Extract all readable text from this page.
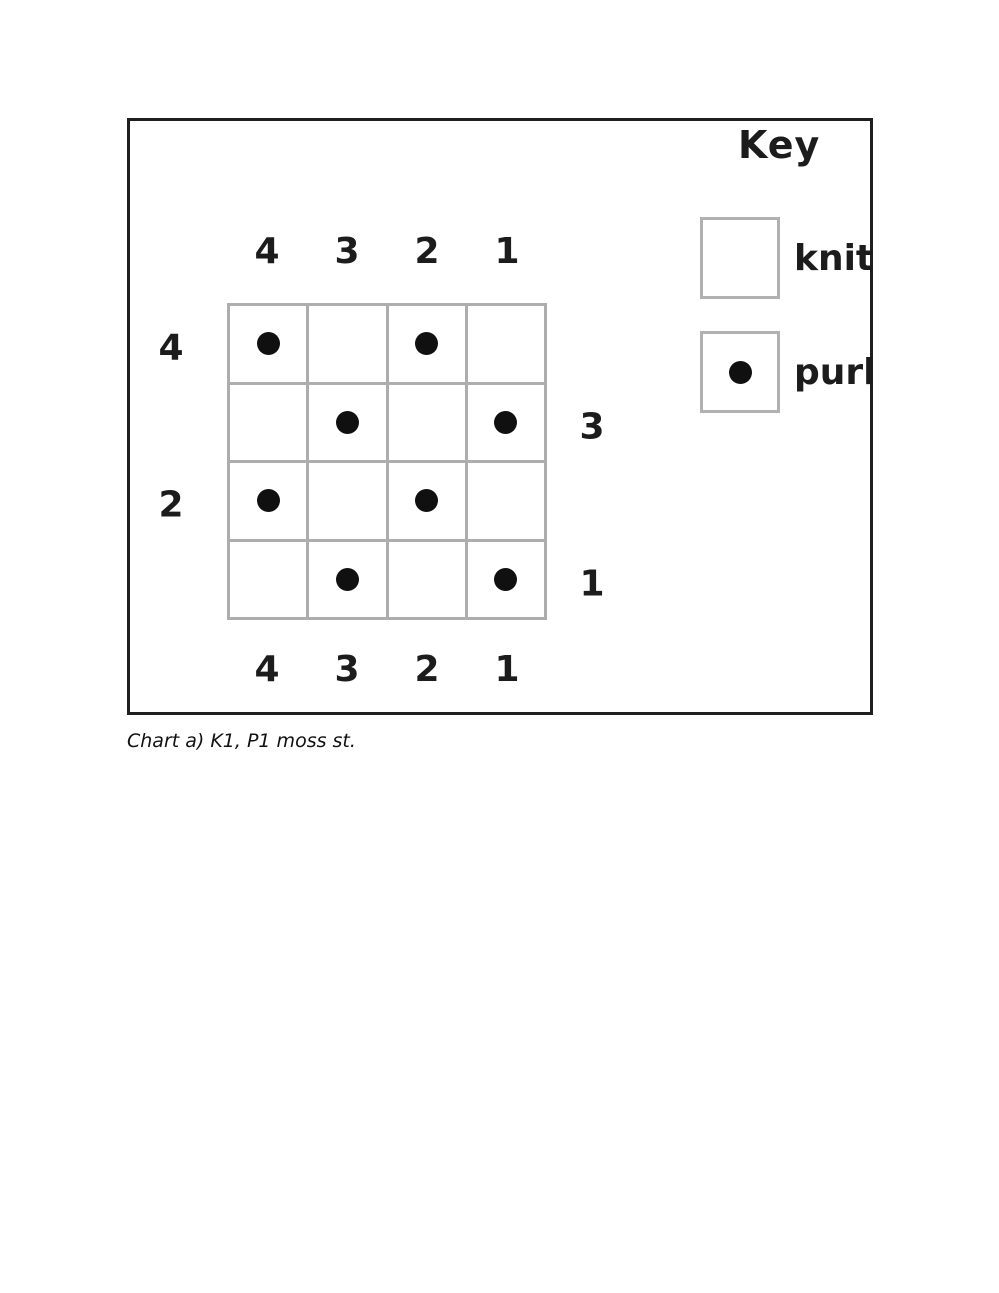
Key
knit
purl
4	3	2	1
4	3	2	1
4
3
2
1
Chart a) K1, P1 moss st.
